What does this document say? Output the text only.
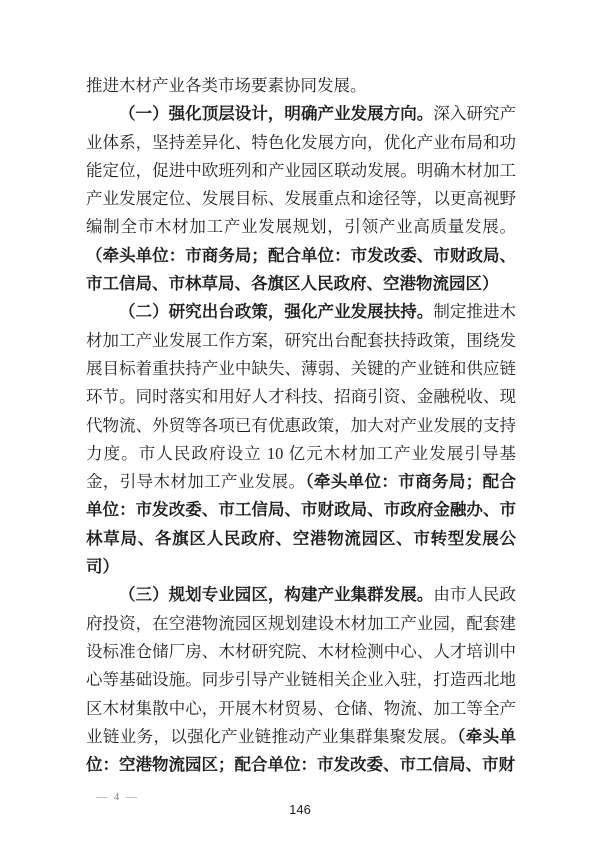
推进木材产业各类市场要素协同发展。

（一）强化顶层设计，明确产业发展方向。深入研究产业体系，坚持差异化、特色化发展方向，优化产业布局和功能定位，促进中欧班列和产业园区联动发展。明确木材加工产业发展定位、发展目标、发展重点和途径等，以更高视野编制全市木材加工产业发展规划，引领产业高质量发展。（牵头单位：市商务局；配合单位：市发改委、市财政局、市工信局、市林草局、各旗区人民政府、空港物流园区）

（二）研究出台政策，强化产业发展扶持。制定推进木材加工产业发展工作方案，研究出台配套扶持政策，围绕发展目标着重扶持产业中缺失、薄弱、关键的产业链和供应链环节。同时落实和用好人才科技、招商引资、金融税收、现代物流、外贸等各项已有优惠政策，加大对产业发展的支持力度。市人民政府设立 10 亿元木材加工产业发展引导基金，引导木材加工产业发展。（牵头单位：市商务局；配合单位：市发改委、市工信局、市财政局、市政府金融办、市林草局、各旗区人民政府、空港物流园区、市转型发展公司）

（三）规划专业园区，构建产业集群发展。由市人民政府投资，在空港物流园区规划建设木材加工产业园，配套建设标准仓储厂房、木材研究院、木材检测中心、人才培训中心等基础设施。同步引导产业链相关企业入驻，打造西北地区木材集散中心，开展木材贸易、仓储、物流、加工等全产业链业务，以强化产业链推动产业集群集聚发展。（牵头单位：空港物流园区；配合单位：市发改委、市工信局、市财

— 4 —
146
